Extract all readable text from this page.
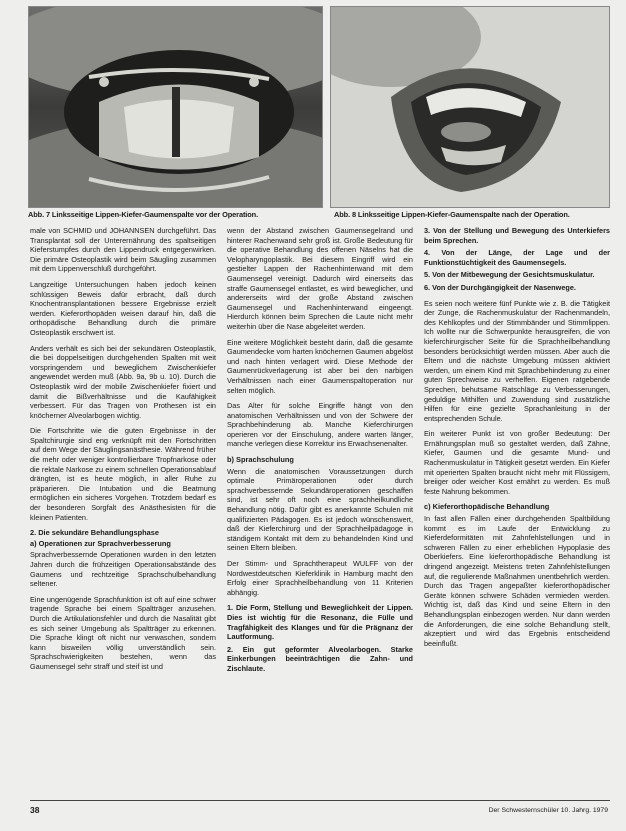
Abb. 7 Linksseitige Lippen-Kiefer-Gaumenspalte vor der Operation.	Abb. 8 Linksseitige Lippen-Kiefer-Gaumenspalte nach der Operation.

male von SCHMID und JOHANNSEN durchgeführt. Das Transplantat soll der Unterernährung des spaltseitigen Kieferstumpfes durch den Lippendruck entgegenwirken. Die primäre Osteoplastik wird beim Säugling zusammen mit dem Lippenverschluß durchgeführt.

Langzeitige Untersuchungen haben jedoch keinen schlüssigen Beweis dafür erbracht, daß durch Knochentransplantationen bessere Ergebnisse erzielt werden. Kieferorthopäden weisen darauf hin, daß die orthopädische Behandlung durch die primäre Osteoplastik erschwert ist.

Anders verhält es sich bei der sekundären Osteoplastik, die bei doppelseitigen durchgehenden Spalten mit weit vorspringendem und beweglichem Zwischenkiefer angewendet werden muß (Abb. 9a, 9b u. 10). Durch die Osteoplastik wird der mobile Zwischenkiefer fixiert und damit die Bißverhältnisse und die Kaufähigkeit verbessert. Für das Tragen von Prothesen ist ein knöcherner Alveolarbogen wichtig.

Die Fortschritte wie die guten Ergebnisse in der Spaltchirurgie sind eng verknüpft mit den Fortschritten auf dem Wege der Säuglingsanästhesie. Während früher die mehr oder weniger kontrollierbare Tropfnarkose oder die rektale Narkose zu einem schnellen Operationsablauf drängten, ist es heute möglich, in aller Ruhe zu präparieren. Die Intubation und die Beatmung ermöglichen ein sicheres Vorgehen. Trotzdem bedarf es der besonderen Sorgfalt des Anästhesisten für die kleinen Patienten.

2. Die sekundäre Behandlungsphase
a) Operationen zur Sprachverbesserung

Sprachverbessernde Operationen wurden in den letzten Jahren durch die frühzeitigen Operationsabstände des Gaumens und rechtzeitige Sprachschulbehandlung seltener.

Eine ungenügende Sprachfunktion ist oft auf eine schwer tragende Sprache bei einem Spaltträger anzusehen. Durch die Artikulationsfehler und durch die Nasalität gibt es sich seiner Umgebung als Spaltträger zu erkennen. Die Sprache klingt oft nicht nur verwaschen, sondern kann bisweilen völlig unverständlich sein. Sprachschwierigkeiten bestehen, wenn das Gaumensegel sehr straff und steif ist und

wenn der Abstand zwischen Gaumensegelrand und hinterer Rachenwand sehr groß ist. Große Bedeutung für die operative Behandlung des offenen Näselns hat die Velopharyngoplastik. Bei diesem Eingriff wird ein gestielter Lappen der Rachenhinterwand mit dem Gaumensegel vereinigt. Dadurch wird einerseits das straffe Gaumensegel entlastet, es wird beweglicher, und andererseits wird der große Abstand zwischen Gaumensegel und Rachenhinterwand eingeengt. Hierdurch können beim Sprechen die Laute nicht mehr weiterhin über die Nase abgeleitet werden.

Eine weitere Möglichkeit besteht darin, daß die gesamte Gaumendecke vom harten knöchernen Gaumen abgelöst und nach hinten verlagert wird. Diese Methode der Gaumenrückverlagerung ist aber bei den narbigen Verhältnissen nach einer Gaumenspaltoperation nur selten möglich.

Das Alter für solche Eingriffe hängt von den anatomischen Verhältnissen und von der Schwere der Sprachbehinderung ab. Manche Kieferchirurgen operieren vor der Einschulung, andere warten länger, manche verlegen diese Korrektur ins Erwachsenenalter.

b) Sprachschulung

Wenn die anatomischen Voraussetzungen durch optimale Primäroperationen oder durch sprachverbessernde Sekundäroperationen geschaffen sind, ist sehr oft noch eine sprachheilkundliche Behandlung nötig. Dafür gibt es anerkannte Schulen mit qualifizierten Pädagogen. Es ist jedoch wünschenswert, daß der Kieferchirurg und der Sprachheilpädagoge in ständigem Kontakt mit dem zu behandelnden Kind und seinen Eltern bleiben.

Der Stimm- und Sprachtherapeut WULFF von der Nordwestdeutschen Kieferklinik in Hamburg macht den Erfolg einer Sprachheilbehandlung von 11 Kriterien abhängig.

1. Die Form, Stellung und Beweglichkeit der Lippen. Dies ist wichtig für die Resonanz, die Fülle und Tragfähigkeit des Klanges und für die Prägnanz der Lautformung.
2. Ein gut geformter Alveolarbogen. Starke Einkerbungen beeinträchtigen die Zahn- und Zischlaute.
3. Von der Stellung und Bewegung des Unterkiefers beim Sprechen.
4. Von der Länge, der Lage und der Funktionstüchtigkeit des Gaumensegels.
5. Von der Mitbewegung der Gesichtsmuskulatur.
6. Von der Durchgängigkeit der Nasenwege.

Es seien noch weitere fünf Punkte wie z. B. die Tätigkeit der Zunge, die Rachenmuskulatur der Rachenmandeln, des Kehlkopfes und der Stimmbänder und Stimmlippen. Ich wollte nur die Schwerpunkte herausgreifen, die von kieferchirurgischer Seite für die Sprachheilbehandlung besonders berücksichtigt werden müssen. Aber auch die Eltern und die nächste Umgebung müssen aktiviert werden, um einem Kind mit Sprachbehinderung zu einer guten Sprechweise zu verhelfen. Eigenen ratgebende Sprechen, behutsame Ratschläge zu Verbesserungen, geduldige Mithilfen und Zuwendung sind zusätzliche Hilfen für eine gezielte Sprachanleitung in der entsprechenden Schule.

Ein weiterer Punkt ist von großer Bedeutung: Der Ernährungsplan muß so gestaltet werden, daß Zähne, Kiefer, Gaumen und die gesamte Mund- und Rachenmuskulatur in Tätigkeit gesetzt werden. Ein Kiefer mit operierten Spalten braucht nicht mehr mit Flüssigem, breiiger oder weicher Kost ernährt zu werden. Es muß feste Nahrung bekommen.

c) Kieferorthopädische Behandlung

In fast allen Fällen einer durchgehenden Spaltbildung kommt es im Laufe der Entwicklung zu Kieferdeformitäten mit Zahnfehlstellungen und in schweren Fällen zu einer erheblichen Hypoplasie des Oberkiefers. Eine kieferorthopädische Behandlung ist dringend angezeigt. Meistens treten Zahnfehlstellungen auf, die regulierende Maßnahmen unentbehrlich werden. Durch das Tragen angepaßter kieferorthopädischer Geräte können schwere Schäden vermieden werden. Wichtig ist, daß das Kind und seine Eltern in den Behandlungsplan einbezogen werden. Nur dann werden die Anforderungen, die eine solche Behandlung stellt, akzeptiert und wird das Ergebnis entscheidend beeinflußt.

38	Der Schwesternschüler 10. Jahrg. 1979
